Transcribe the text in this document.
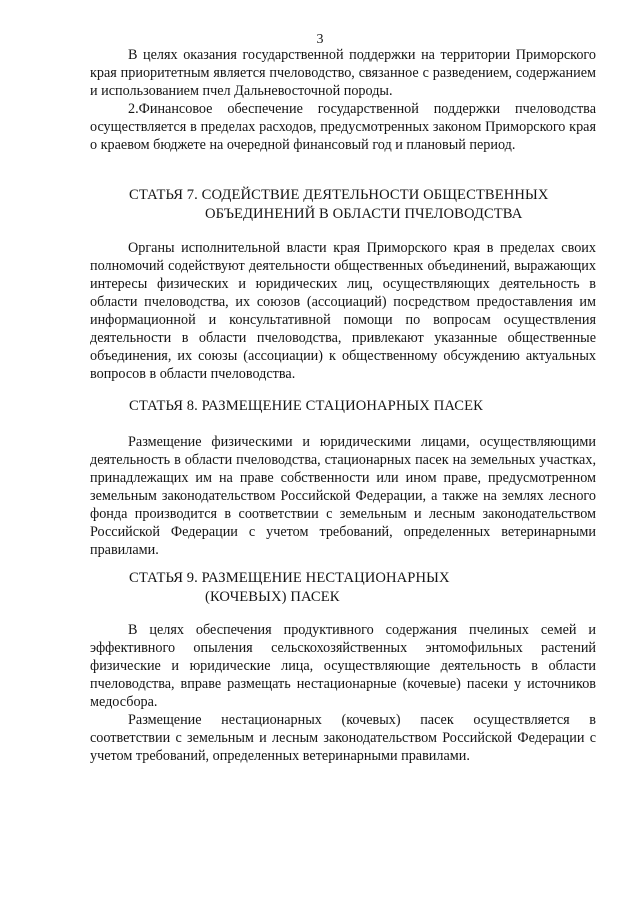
3

В целях оказания государственной поддержки на территории Приморского края приоритетным является пчеловодство, связанное с разведением, содержанием и использованием пчел Дальневосточной породы.

2.Финансовое обеспечение государственной поддержки пчеловодства осуществляется в пределах расходов, предусмотренных законом Приморского края о краевом бюджете на очередной финансовый год и плановый период.

СТАТЬЯ 7. СОДЕЙСТВИЕ ДЕЯТЕЛЬНОСТИ ОБЩЕСТВЕННЫХ
ОБЪЕДИНЕНИЙ В ОБЛАСТИ ПЧЕЛОВОДСТВА

Органы исполнительной власти края Приморского края в пределах своих полномочий содействуют деятельности общественных объединений, выражающих интересы физических и юридических лиц, осуществляющих деятельность в области пчеловодства, их союзов (ассоциаций) посредством предоставления им информационной и консультативной помощи по вопросам осуществления деятельности в области пчеловодства, привлекают указанные общественные объединения, их союзы (ассоциации) к общественному обсуждению актуальных вопросов в области пчеловодства.

СТАТЬЯ 8. РАЗМЕЩЕНИЕ СТАЦИОНАРНЫХ ПАСЕК

Размещение физическими и юридическими лицами, осуществляющими деятельность в области пчеловодства, стационарных пасек на земельных участках, принадлежащих им на праве собственности или ином праве, предусмотренном земельным законодательством Российской Федерации, а также на землях лесного фонда производится в соответствии с земельным и лесным законодательством Российской Федерации с учетом требований, определенных ветеринарными правилами.

СТАТЬЯ 9. РАЗМЕЩЕНИЕ НЕСТАЦИОНАРНЫХ
(КОЧЕВЫХ) ПАСЕК

В целях обеспечения продуктивного содержания пчелиных семей и эффективного опыления сельскохозяйственных энтомофильных растений физические и юридические лица, осуществляющие деятельность в области пчеловодства, вправе размещать нестационарные (кочевые) пасеки у источников медосбора.

Размещение нестационарных (кочевых) пасек осуществляется в соответствии с земельным и лесным законодательством Российской Федерации с учетом требований, определенных ветеринарными правилами.
